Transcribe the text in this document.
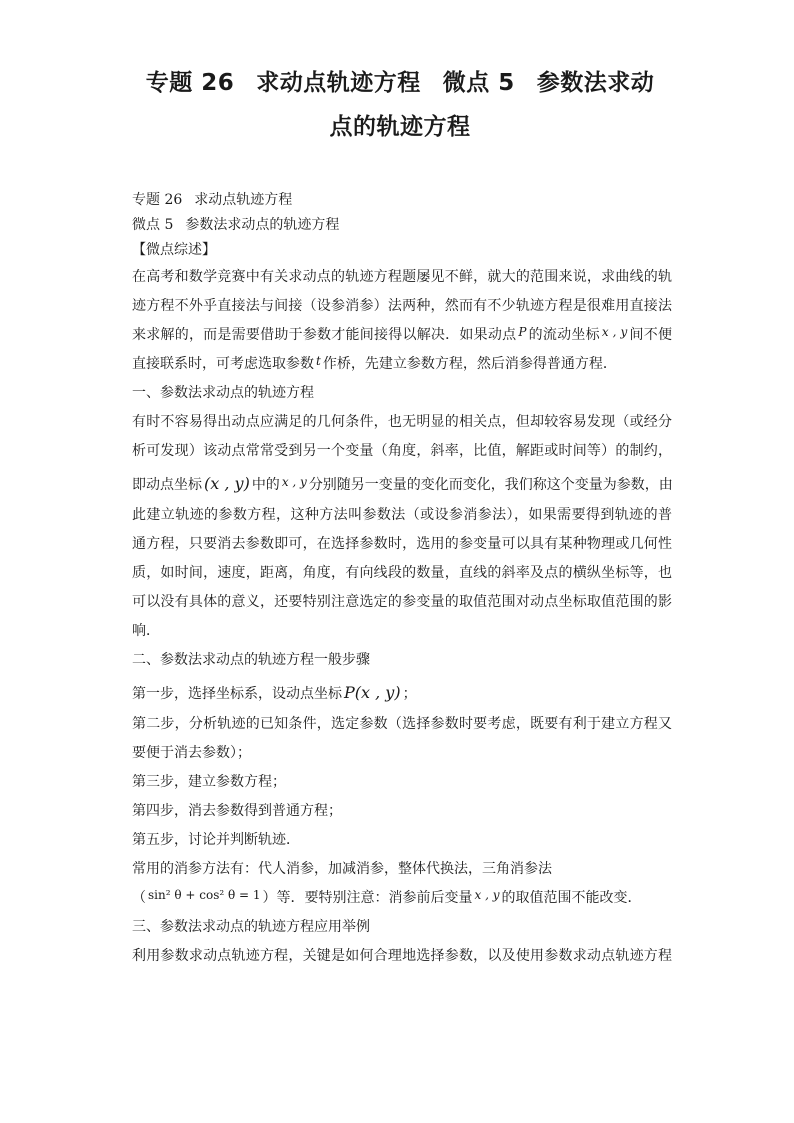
专题 26 求动点轨迹方程 微点 5 参数法求动
点的轨迹方程
专题 26 求动点轨迹方程
微点 5 参数法求动点的轨迹方程
【微点综述】
在高考和数学竞赛中有关求动点的轨迹方程题屡见不鲜，就大的范围来说，求曲线的轨
迹方程不外乎直接法与间接（设参消参）法两种，然而有不少轨迹方程是很难用直接法
来求解的，而是需要借助于参数才能间接得以解决．如果动点 P 的流动坐标 x , y 间不便
直接联系时，可考虑选取参数 t 作桥，先建立参数方程，然后消参得普通方程．
一、参数法求动点的轨迹方程
有时不容易得出动点应满足的几何条件，也无明显的相关点，但却较容易发现（或经分
析可发现）该动点常常受到另一个变量（角度，斜率，比值，解距或时间等）的制约，
即动点坐标 (x , y) 中的 x , y 分别随另一变量的变化而变化，我们称这个变量为参数，由
此建立轨迹的参数方程，这种方法叫参数法（或设参消参法），如果需要得到轨迹的普
通方程，只要消去参数即可，在选择参数时，选用的参变量可以具有某种物理或几何性
质，如时间，速度，距离，角度，有向线段的数量，直线的斜率及点的横纵坐标等，也
可以没有具体的意义，还要特别注意选定的参变量的取值范围对动点坐标取值范围的影
响．
二、参数法求动点的轨迹方程一般步骤
第一步，选择坐标系，设动点坐标 P(x , y) ；
第二步，分析轨迹的已知条件，选定参数（选择参数时要考虑，既要有利于建立方程又
要便于消去参数）；
第三步，建立参数方程；
第四步，消去参数得到普通方程；
第五步，讨论并判断轨迹．
常用的消参方法有：代人消参，加减消参，整体代换法，三角消参法
（ sin² θ + cos² θ = 1 ）等．要特别注意：消参前后变量 x , y 的取值范围不能改变．
三、参数法求动点的轨迹方程应用举例
利用参数求动点轨迹方程，关键是如何合理地选择参数，以及使用参数求动点轨迹方程
